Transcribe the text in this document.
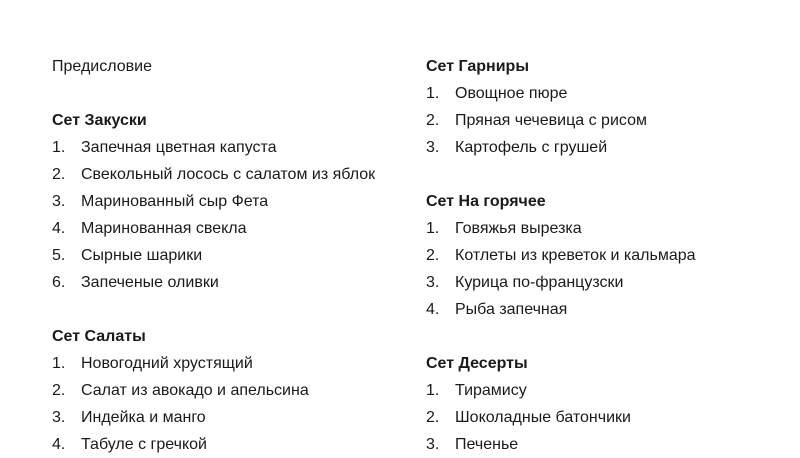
Предисловие
Сет Закуски
1. Запечная цветная капуста
2. Свекольный лосось с салатом из яблок
3. Маринованный сыр Фета
4. Маринованная свекла
5. Сырные шарики
6. Запеченые оливки
Сет Салаты
1. Новогодний хрустящий
2. Салат из авокадо и апельсина
3. Индейка и манго
4. Табуле с гречкой
Сет Гарниры
1. Овощное пюре
2. Пряная чечевица с рисом
3. Картофель с грушей
Сет На горячее
1. Говяжья вырезка
2. Котлеты из креветок и кальмара
3. Курица по-французски
4. Рыба запечная
Сет Десерты
1. Тирамису
2. Шоколадные батончики
3. Печенье
